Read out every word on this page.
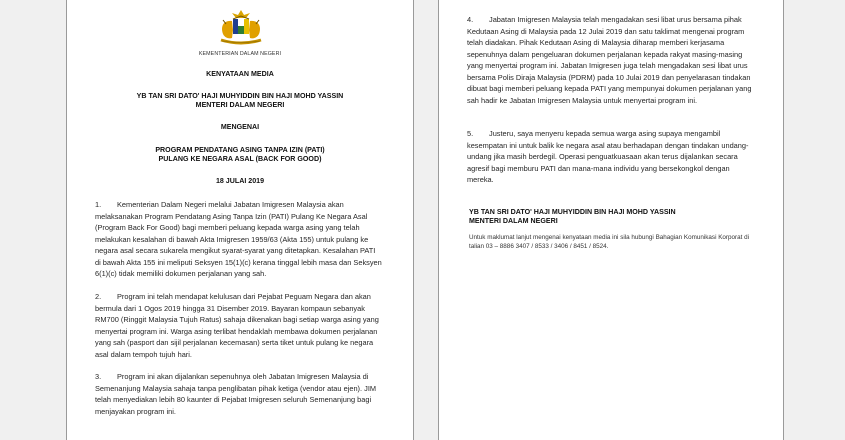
KEMENTERIAN DALAM NEGERI
KENYATAAN MEDIA
YB TAN SRI DATO' HAJI MUHYIDDIN BIN HAJI MOHD YASSIN
MENTERI DALAM NEGERI
MENGENAI
PROGRAM PENDATANG ASING TANPA IZIN (PATI)
PULANG KE NEGARA ASAL (BACK FOR GOOD)
18 JULAI 2019
1.	Kementerian Dalam Negeri melalui Jabatan Imigresen Malaysia akan
melaksanakan Program Pendatang Asing Tanpa Izin (PATI) Pulang Ke Negara Asal
(Program Back For Good) bagi memberi peluang kepada warga asing yang telah
melakukan kesalahan di bawah Akta Imigresen 1959/63 (Akta 155) untuk pulang ke
negara asal secara sukarela mengikut syarat-syarat yang ditetapkan. Kesalahan PATI
di bawah Akta 155 ini meliputi Seksyen 15(1)(c) kerana tinggal lebih masa dan Seksyen
6(1)(c) tidak memiliki dokumen perjalanan yang sah.
2.	Program ini telah mendapat kelulusan dari Pejabat Peguam Negara dan akan
bermula dari 1 Ogos 2019 hingga 31 Disember 2019. Bayaran kompaun sebanyak
RM700 (Ringgit Malaysia Tujuh Ratus) sahaja dikenakan bagi setiap warga asing yang
menyertai program ini. Warga asing terlibat hendaklah membawa dokumen perjalanan
yang sah (pasport dan sijil perjalanan kecemasan) serta tiket untuk pulang ke negara
asal dalam tempoh tujuh hari.
3.	Program ini akan dijalankan sepenuhnya oleh Jabatan Imigresen Malaysia di
Semenanjung Malaysia sahaja tanpa penglibatan pihak ketiga (vendor atau ejen). JIM
telah menyediakan lebih 80 kaunter di Pejabat Imigresen seluruh Semenanjung bagi
menjayakan program ini.
4.	Jabatan Imigresen Malaysia telah mengadakan sesi libat urus bersama pihak
Kedutaan Asing di Malaysia pada 12 Julai 2019 dan satu taklimat mengenai program
telah diadakan. Pihak Kedutaan Asing di Malaysia diharap memberi kerjasama
sepenuhnya dalam pengeluaran dokumen perjalanan kepada rakyat masing-masing
yang menyertai program ini. Jabatan Imigresen juga telah mengadakan sesi libat urus
bersama Polis Diraja Malaysia (PDRM) pada 10 Julai 2019 dan penyelarasan tindakan
dibuat bagi memberi peluang kepada PATI yang mempunyai dokumen perjalanan yang
sah hadir ke Jabatan Imigresen Malaysia untuk menyertai program ini.
5.	Justeru, saya menyeru kepada semua warga asing supaya mengambil
kesempatan ini untuk balik ke negara asal atau berhadapan dengan tindakan undang-
undang jika masih berdegil. Operasi penguatkuasaan akan terus dijalankan secara
agresif bagi memburu PATI dan mana-mana individu yang bersekongkol dengan
mereka.
YB TAN SRI DATO' HAJI MUHYIDDIN BIN HAJI MOHD YASSIN
MENTERI DALAM NEGERI
Untuk maklumat lanjut mengenai kenyataan media ini sila hubungi Bahagian Komunikasi Korporat di
talian 03 – 8886 3407 / 8533 / 3406 / 8451 / 8524.
